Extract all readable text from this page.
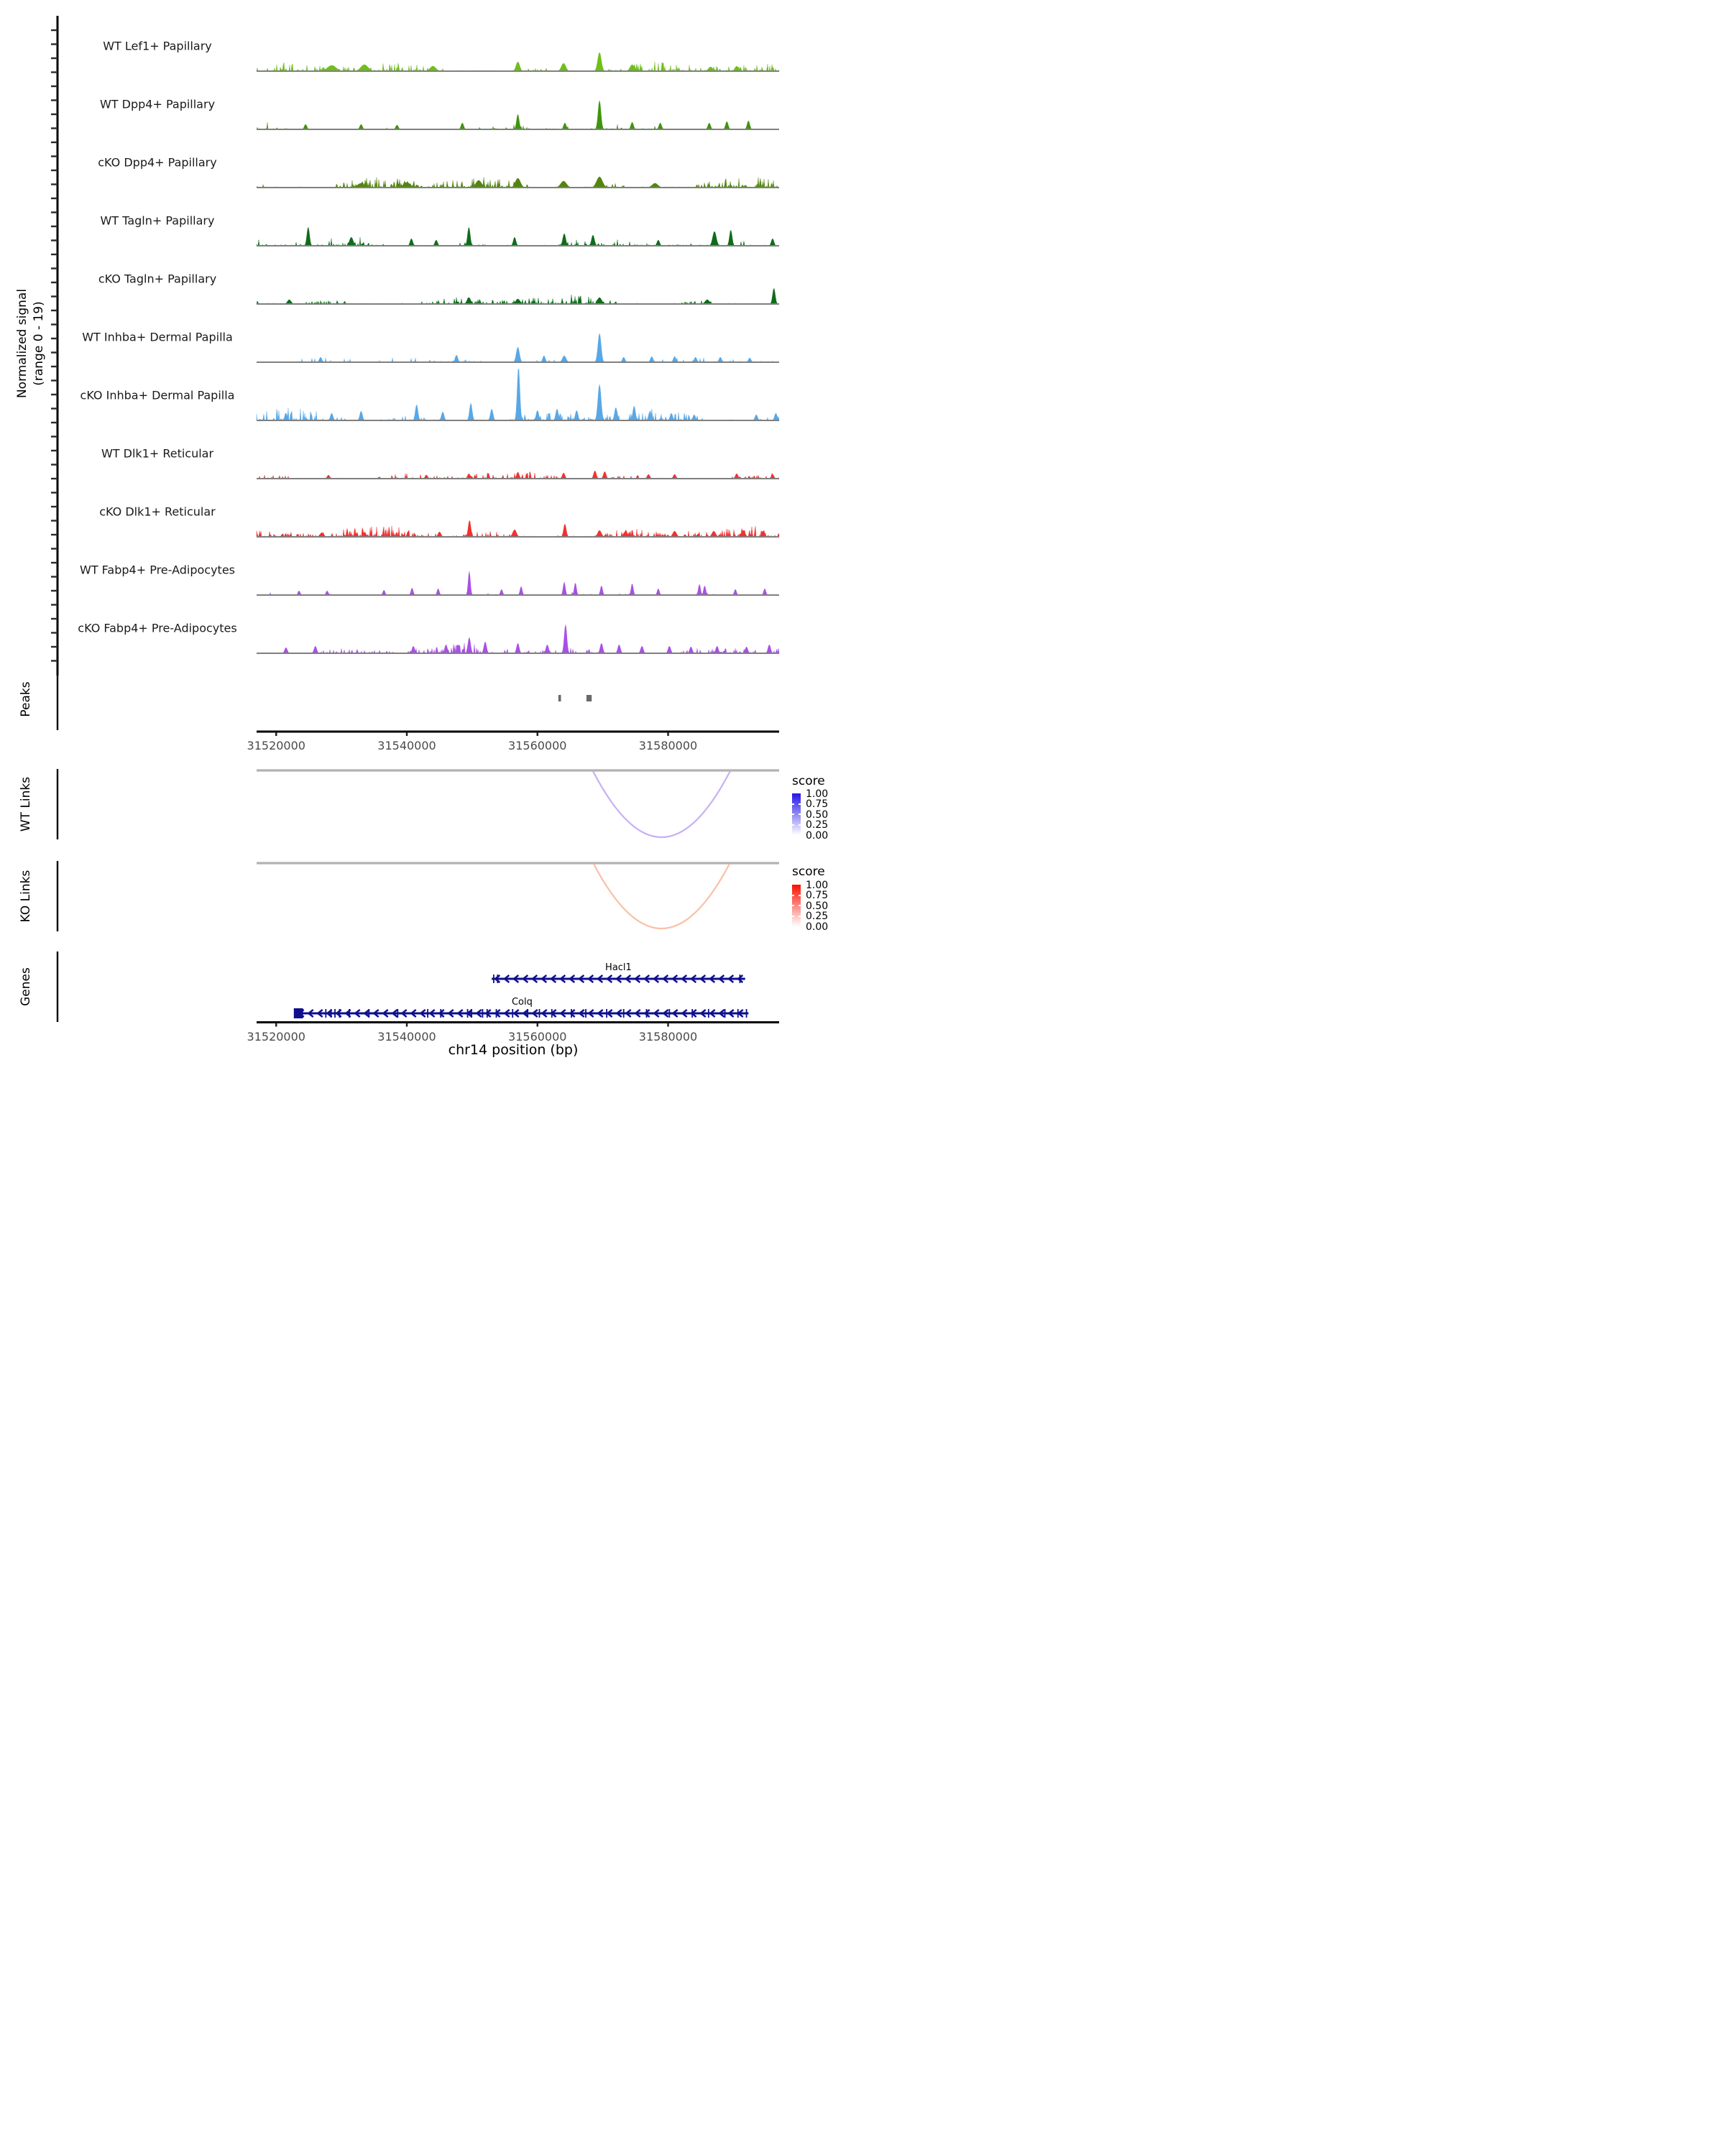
Normalized signal (range 0 - 19)
Peaks
WT Links
KO Links
Genes
score
1.00
0.75
0.50
0.25
0.00
score
1.00
0.75
0.50
0.25
0.00
chr14 position (bp)
WT Lef1+ Papillary
WT Dpp4+ Papillary
cKO Dpp4+ Papillary
WT Tagln+ Papillary
cKO Tagln+ Papillary
WT Inhba+ Dermal Papilla
cKO Inhba+ Dermal Papilla
WT Dlk1+ Reticular
cKO Dlk1+ Reticular
WT Fabp4+ Pre-Adipocytes
cKO Fabp4+ Pre-Adipocytes
31520000	31540000	31560000	31580000
Hacl1
Colq
31520000	31540000	31560000	31580000
